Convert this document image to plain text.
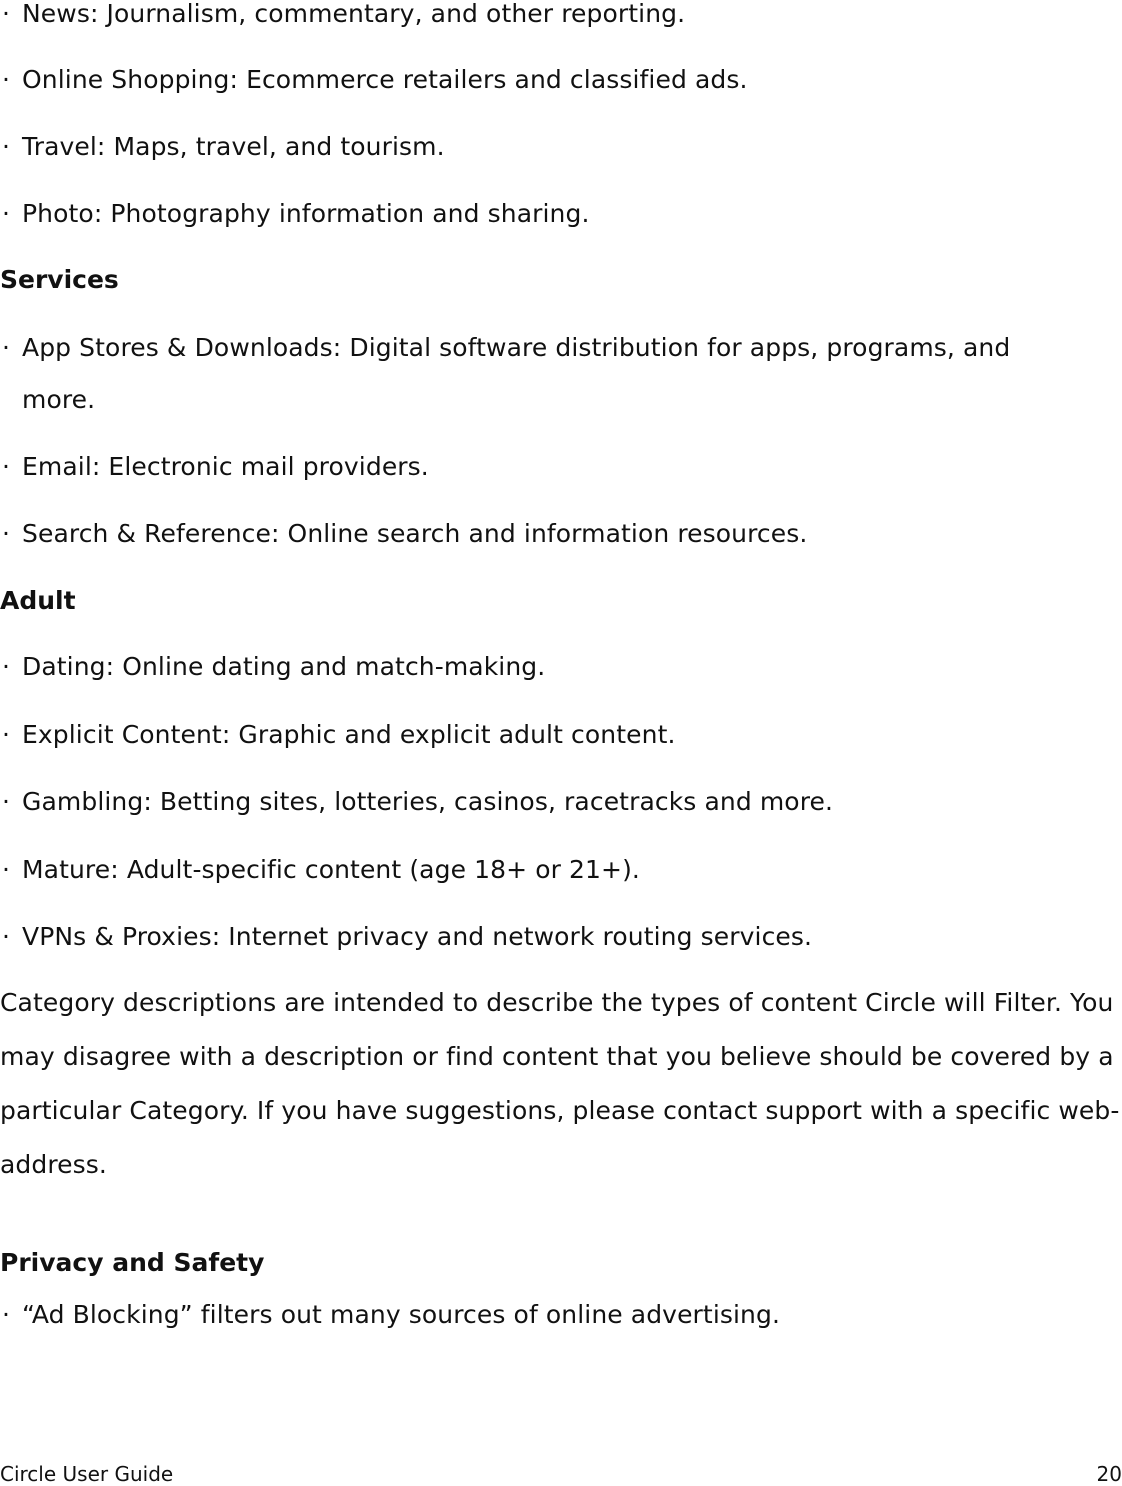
· News: Journalism, commentary, and other reporting.
· Online Shopping: Ecommerce retailers and classified ads.
· Travel: Maps, travel, and tourism.
· Photo: Photography information and sharing.
Services
· App Stores & Downloads: Digital software distribution for apps, programs, and more.
· Email: Electronic mail providers.
· Search & Reference: Online search and information resources.
Adult
· Dating: Online dating and match-making.
· Explicit Content: Graphic and explicit adult content.
· Gambling: Betting sites, lotteries, casinos, racetracks and more.
· Mature: Adult-specific content (age 18+ or 21+).
· VPNs & Proxies: Internet privacy and network routing services.
Category descriptions are intended to describe the types of content Circle will Filter. You may disagree with a description or find content that you believe should be covered by a particular Category. If you have suggestions, please contact support with a specific web-address.
Privacy and Safety
· “Ad Blocking” filters out many sources of online advertising.
Circle User Guide	20
